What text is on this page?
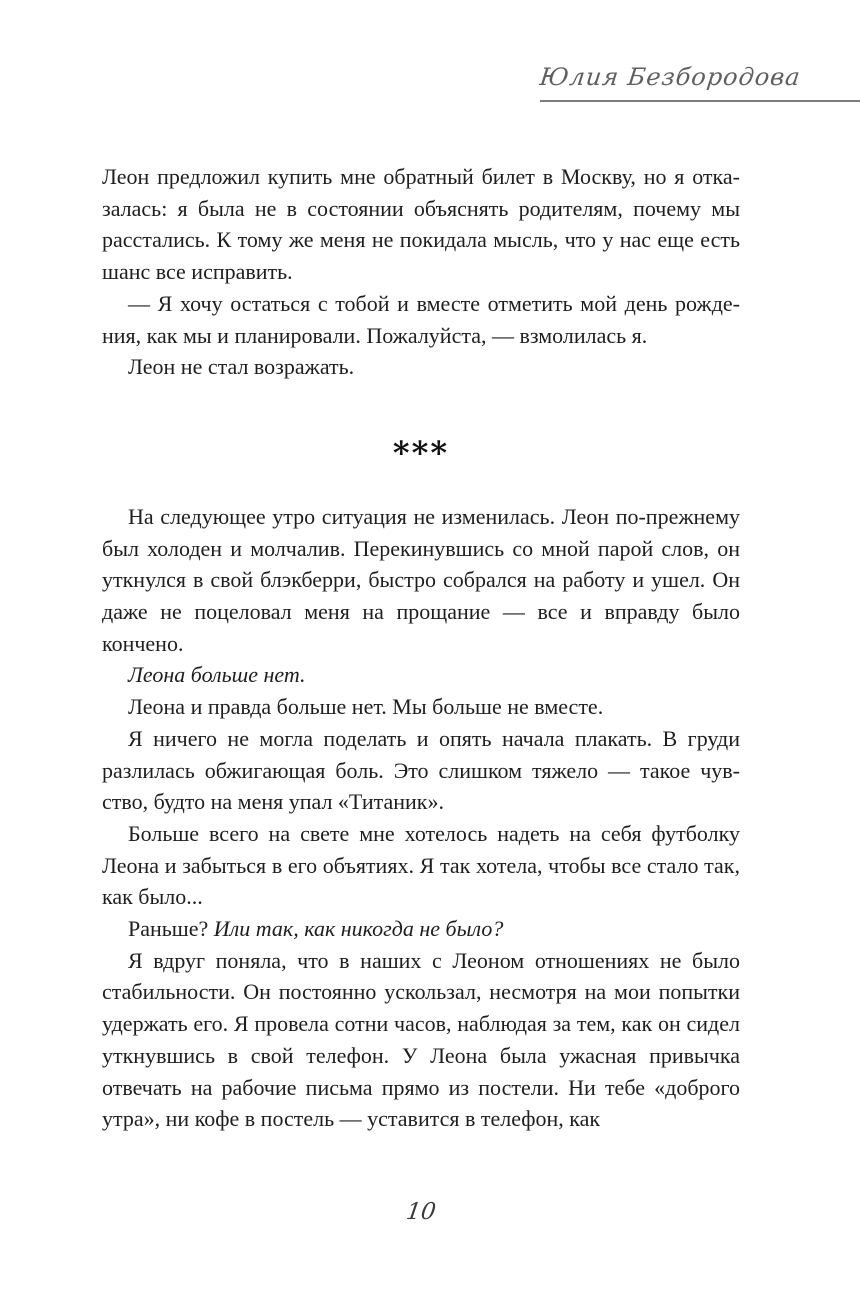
Юлия Безбородова

Леон предложил купить мне обратный билет в Москву, но я отказалась: я была не в состоянии объяснять родителям, почему мы расстались. К тому же меня не покидала мысль, что у нас еще есть шанс все исправить.

— Я хочу остаться с тобой и вместе отметить мой день рождения, как мы и планировали. Пожалуйста, — взмолилась я.

Леон не стал возражать.

***

На следующее утро ситуация не изменилась. Леон по-прежнему был холоден и молчалив. Перекинувшись со мной парой слов, он уткнулся в свой блэкберри, быстро собрался на работу и ушел. Он даже не поцеловал меня на прощание — все и вправду было кончено.

Леона больше нет.

Леона и правда больше нет. Мы больше не вместе.

Я ничего не могла поделать и опять начала плакать. В груди разлилась обжигающая боль. Это слишком тяжело — такое чувство, будто на меня упал «Титаник».

Больше всего на свете мне хотелось надеть на себя футболку Леона и забыться в его объятиях. Я так хотела, чтобы все стало так, как было...

Раньше? Или так, как никогда не было?

Я вдруг поняла, что в наших с Леоном отношениях не было стабильности. Он постоянно ускользал, несмотря на мои попытки удержать его. Я провела сотни часов, наблюдая за тем, как он сидел уткнувшись в свой телефон. У Леона была ужасная привычка отвечать на рабочие письма прямо из постели. Ни тебе «доброго утра», ни кофе в постель — уставится в телефон, как

10
